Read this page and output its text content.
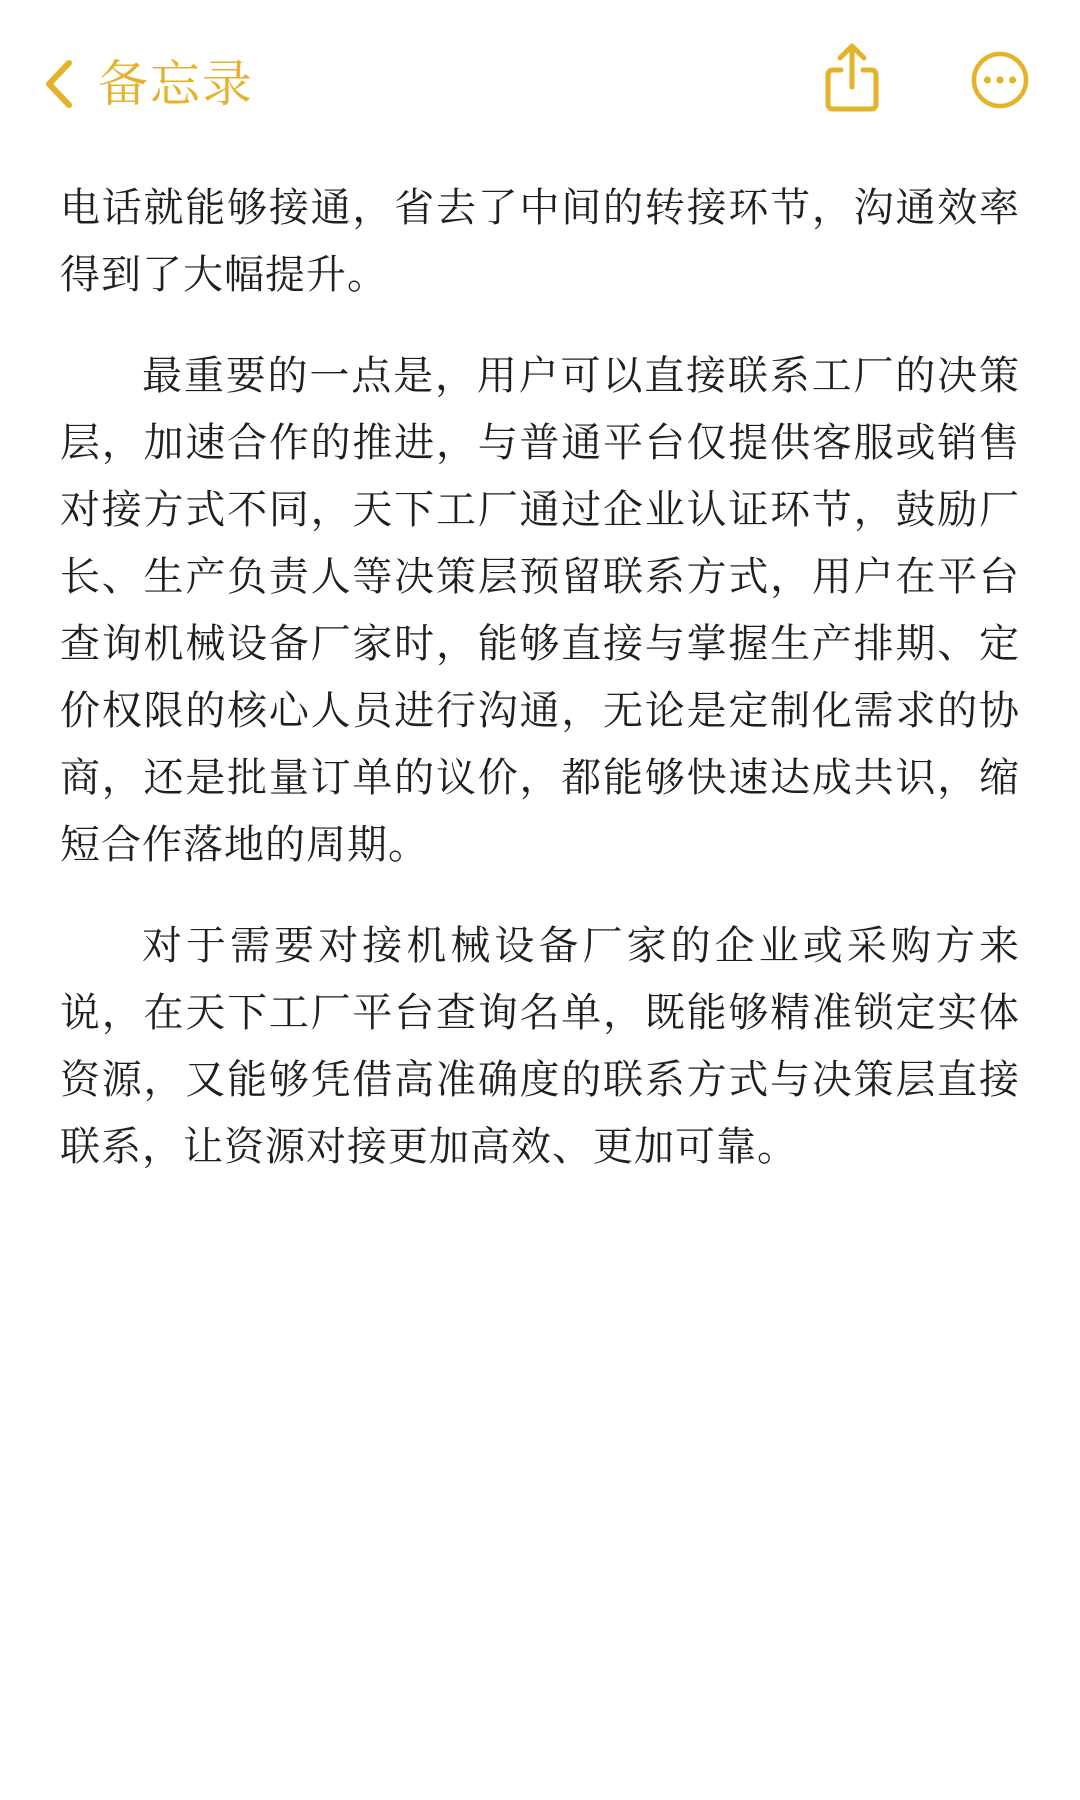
备忘录

电话就能够接通，省去了中间的转接环节，沟通效率得到了大幅提升。

最重要的一点是，用户可以直接联系工厂的决策层，加速合作的推进，与普通平台仅提供客服或销售对接方式不同，天下工厂通过企业认证环节，鼓励厂长、生产负责人等决策层预留联系方式，用户在平台查询机械设备厂家时，能够直接与掌握生产排期、定价权限的核心人员进行沟通，无论是定制化需求的协商，还是批量订单的议价，都能够快速达成共识，缩短合作落地的周期。

对于需要对接机械设备厂家的企业或采购方来说，在天下工厂平台查询名单，既能够精准锁定实体资源，又能够凭借高准确度的联系方式与决策层直接联系，让资源对接更加高效、更加可靠。
